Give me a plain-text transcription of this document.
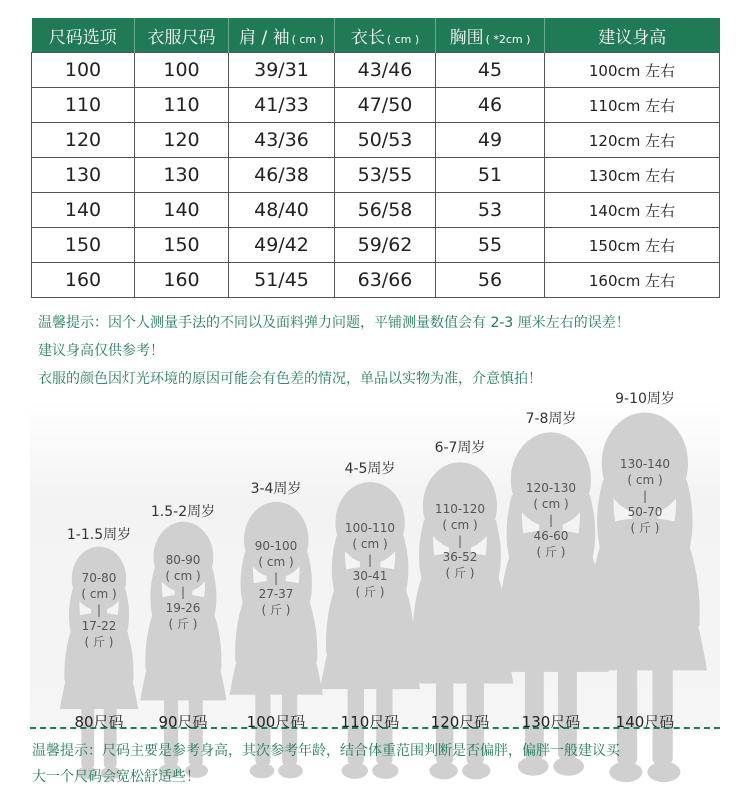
尺码选项	衣服尺码	肩 / 袖 ( cm )	衣长 ( cm )	胸围 ( *2cm )	建议身高
100	100	39/31	43/46	45	100cm 左右
110	110	41/33	47/50	46	110cm 左右
120	120	43/36	50/53	49	120cm 左右
130	130	46/38	53/55	51	130cm 左右
140	140	48/40	56/58	53	140cm 左右
150	150	49/42	59/62	55	150cm 左右
160	160	51/45	63/66	56	160cm 左右
温馨提示：因个人测量手法的不同以及面料弹力问题，平铺测量数值会有 2-3 厘米左右的误差！
建议身高仅供参考！
衣服的颜色因灯光环境的原因可能会有色差的情况，单品以实物为准，介意慎拍！
1-1.5周岁
70-80
( cm )
|
17-22
( 斤 )
80尺码
1.5-2周岁
80-90
( cm )
|
19-26
( 斤 )
90尺码
3-4周岁
90-100
( cm )
|
27-37
( 斤 )
100尺码
4-5周岁
100-110
( cm )
|
30-41
( 斤 )
110尺码
6-7周岁
110-120
( cm )
|
36-52
( 斤 )
120尺码
7-8周岁
120-130
( cm )
|
46-60
( 斤 )
130尺码
9-10周岁
130-140
( cm )
|
50-70
( 斤 )
140尺码
温馨提示：尺码主要是参考身高，其次参考年龄，结合体重范围判断是否偏胖，偏胖一般建议买
大一个尺码会宽松舒适些！
